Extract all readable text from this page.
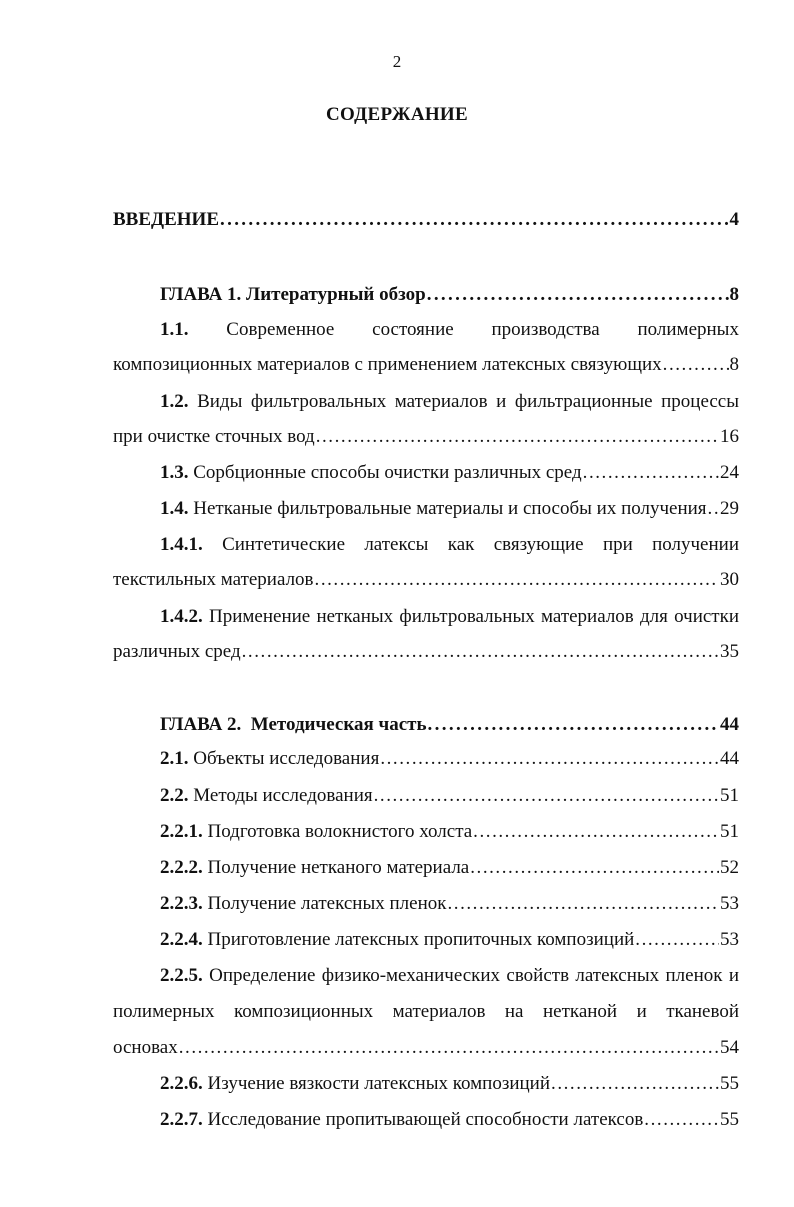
2
СОДЕРЖАНИЕ
ВВЕДЕНИЕ . . .	4
ГЛАВА 1. Литературный обзор . . .	8
1.1. Современное состояние производства полимерных
композиционных материалов с применением латексных связующих . . .	8
1.2. Виды фильтровальных материалов и фильтрационные процессы
при очистке сточных вод . . .	16
1.3. Сорбционные способы очистки различных сред . . .	24
1.4. Нетканые фильтровальные материалы и способы их получения . . . 29
1.4.1. Синтетические латексы как связующие при получении
текстильных материалов . . .	30
1.4.2. Применение нетканых фильтровальных материалов для очистки
различных сред . . .	35
ГЛАВА 2.  Методическая часть . . .	44
2.1. Объекты исследования . . .	44
2.2. Методы исследования . . .	51
2.2.1. Подготовка волокнистого холста . . .	51
2.2.2. Получение нетканого материала . . .	52
2.2.3. Получение латексных пленок . . .	53
2.2.4. Приготовление латексных пропиточных композиций . . .	53
2.2.5. Определение физико-механических свойств латексных пленок и
полимерных композиционных материалов на нетканой и тканевой
основах . . .	54
2.2.6. Изучение вязкости латексных композиций . . .	55
2.2.7. Исследование пропитывающей способности латексов . . .	55
